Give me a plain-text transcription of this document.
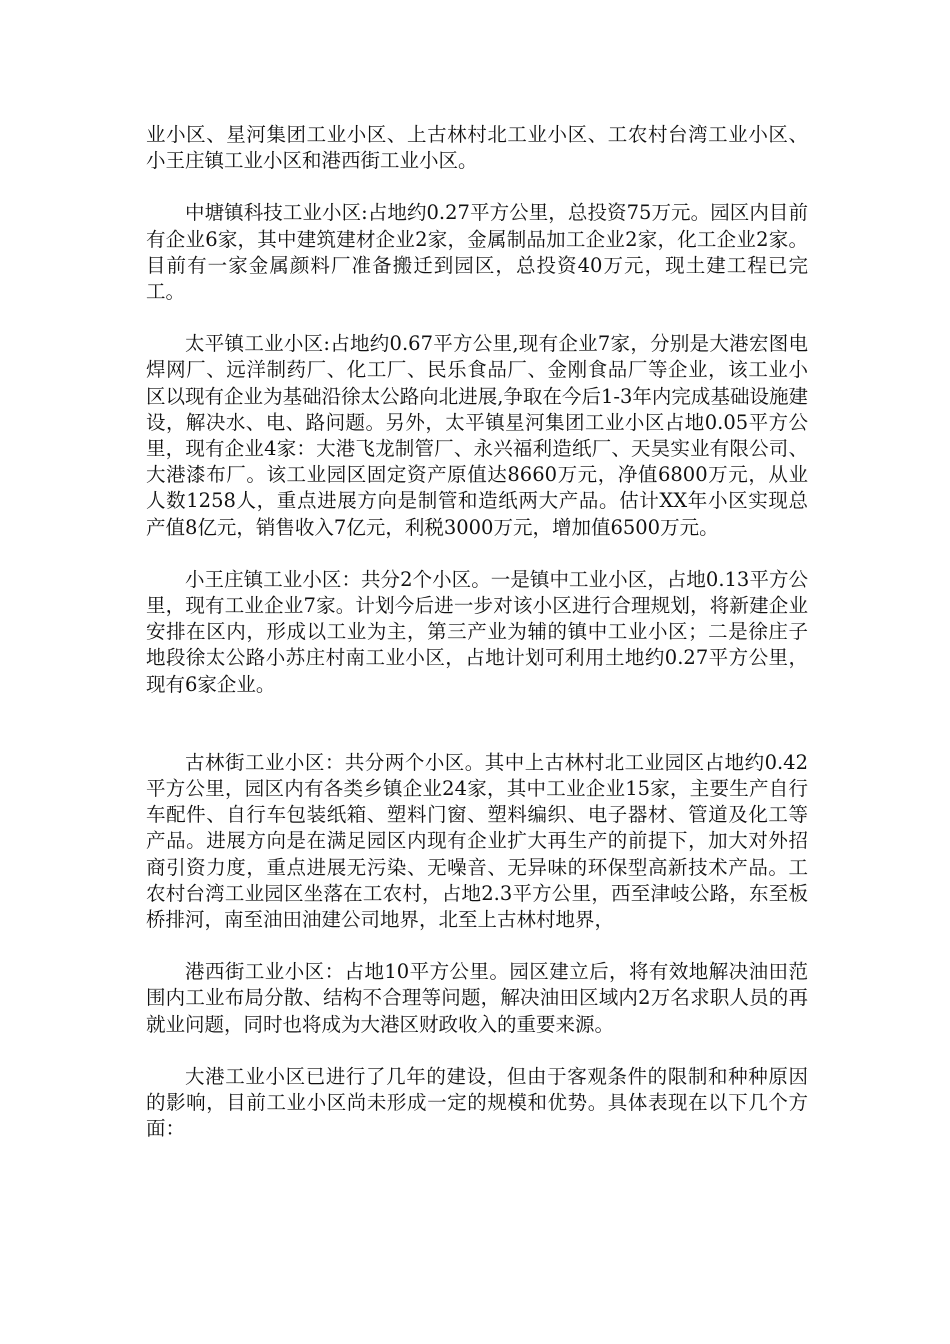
业小区、星河集团工业小区、上古林村北工业小区、工农村台湾工业小区、小王庄镇工业小区和港西街工业小区。

中塘镇科技工业小区:占地约0.27平方公里，总投资75万元。园区内目前有企业6家，其中建筑建材企业2家，金属制品加工企业2家，化工企业2家。目前有一家金属颜料厂准备搬迁到园区，总投资40万元，现土建工程已完工。

太平镇工业小区:占地约0.67平方公里,现有企业7家，分别是大港宏图电焊网厂、远洋制药厂、化工厂、民乐食品厂、金刚食品厂等企业，该工业小区以现有企业为基础沿徐太公路向北进展,争取在今后1-3年内完成基础设施建设，解决水、电、路问题。另外，太平镇星河集团工业小区占地0.05平方公里，现有企业4家：大港飞龙制管厂、永兴福利造纸厂、天昊实业有限公司、大港漆布厂。该工业园区固定资产原值达8660万元，净值6800万元，从业人数1258人，重点进展方向是制管和造纸两大产品。估计XX年小区实现总产值8亿元，销售收入7亿元，利税3000万元，增加值6500万元。

小王庄镇工业小区：共分2个小区。一是镇中工业小区，占地0.13平方公里，现有工业企业7家。计划今后进一步对该小区进行合理规划，将新建企业安排在区内，形成以工业为主，第三产业为辅的镇中工业小区；二是徐庄子地段徐太公路小苏庄村南工业小区，占地计划可利用土地约0.27平方公里，现有6家企业。

古林街工业小区：共分两个小区。其中上古林村北工业园区占地约0.42平方公里，园区内有各类乡镇企业24家，其中工业企业15家，主要生产自行车配件、自行车包装纸箱、塑料门窗、塑料编织、电子器材、管道及化工等产品。进展方向是在满足园区内现有企业扩大再生产的前提下，加大对外招商引资力度，重点进展无污染、无噪音、无异味的环保型高新技术产品。工农村台湾工业园区坐落在工农村，占地2.3平方公里，西至津岐公路，东至板桥排河，南至油田油建公司地界，北至上古林村地界，

港西街工业小区：占地10平方公里。园区建立后，将有效地解决油田范围内工业布局分散、结构不合理等问题，解决油田区域内2万名求职人员的再就业问题，同时也将成为大港区财政收入的重要来源。

大港工业小区已进行了几年的建设，但由于客观条件的限制和种种原因的影响，目前工业小区尚未形成一定的规模和优势。具体表现在以下几个方面：
